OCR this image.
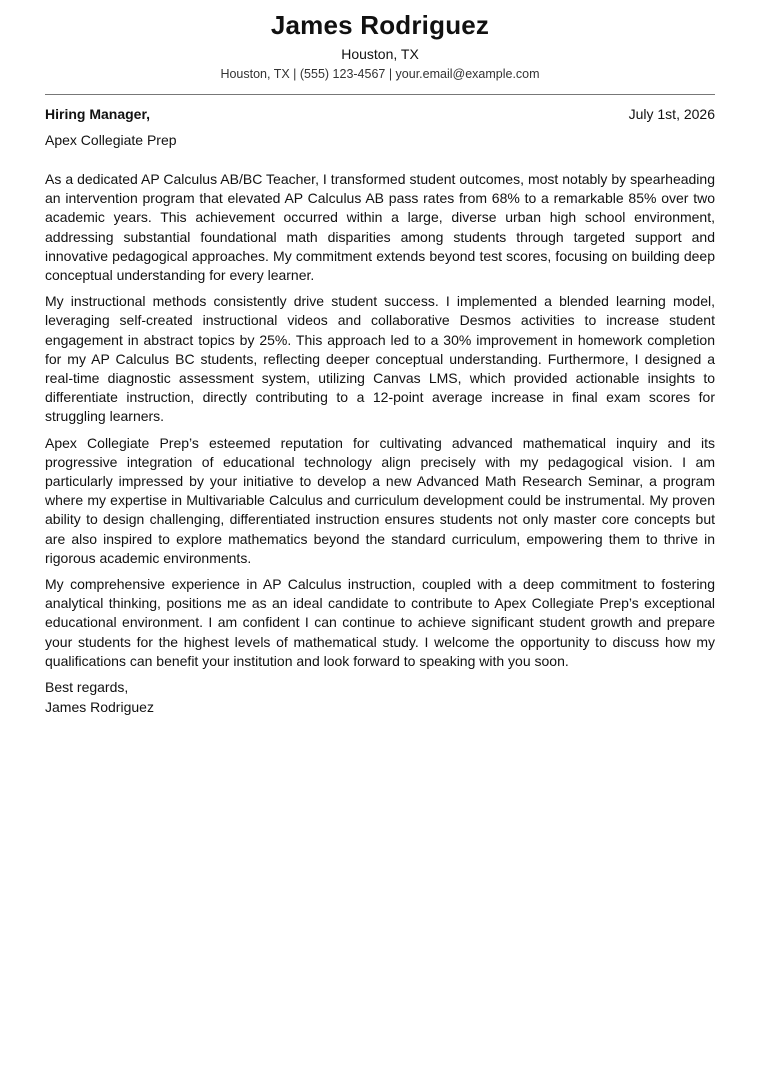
James Rodriguez
Houston, TX
Houston, TX | (555) 123-4567 | your.email@example.com
Hiring Manager,	July 1st, 2026
Apex Collegiate Prep

As a dedicated AP Calculus AB/BC Teacher, I transformed student outcomes, most notably by spearheading an intervention program that elevated AP Calculus AB pass rates from 68% to a remarkable 85% over two academic years. This achievement occurred within a large, diverse urban high school environment, addressing substantial foundational math disparities among students through targeted support and innovative pedagogical approaches. My commitment extends beyond test scores, focusing on building deep conceptual understanding for every learner.

My instructional methods consistently drive student success. I implemented a blended learning model, leveraging self-created instructional videos and collaborative Desmos activities to increase student engagement in abstract topics by 25%. This approach led to a 30% improvement in homework completion for my AP Calculus BC students, reflecting deeper conceptual understanding. Furthermore, I designed a real-time diagnostic assessment system, utilizing Canvas LMS, which provided actionable insights to differentiate instruction, directly contributing to a 12-point average increase in final exam scores for struggling learners.

Apex Collegiate Prep’s esteemed reputation for cultivating advanced mathematical inquiry and its progressive integration of educational technology align precisely with my pedagogical vision. I am particularly impressed by your initiative to develop a new Advanced Math Research Seminar, a program where my expertise in Multivariable Calculus and curriculum development could be instrumental. My proven ability to design challenging, differentiated instruction ensures students not only master core concepts but are also inspired to explore mathematics beyond the standard curriculum, empowering them to thrive in rigorous academic environments.

My comprehensive experience in AP Calculus instruction, coupled with a deep commitment to fostering analytical thinking, positions me as an ideal candidate to contribute to Apex Collegiate Prep’s exceptional educational environment. I am confident I can continue to achieve significant student growth and prepare your students for the highest levels of mathematical study. I welcome the opportunity to discuss how my qualifications can benefit your institution and look forward to speaking with you soon.

Best regards,
James Rodriguez
